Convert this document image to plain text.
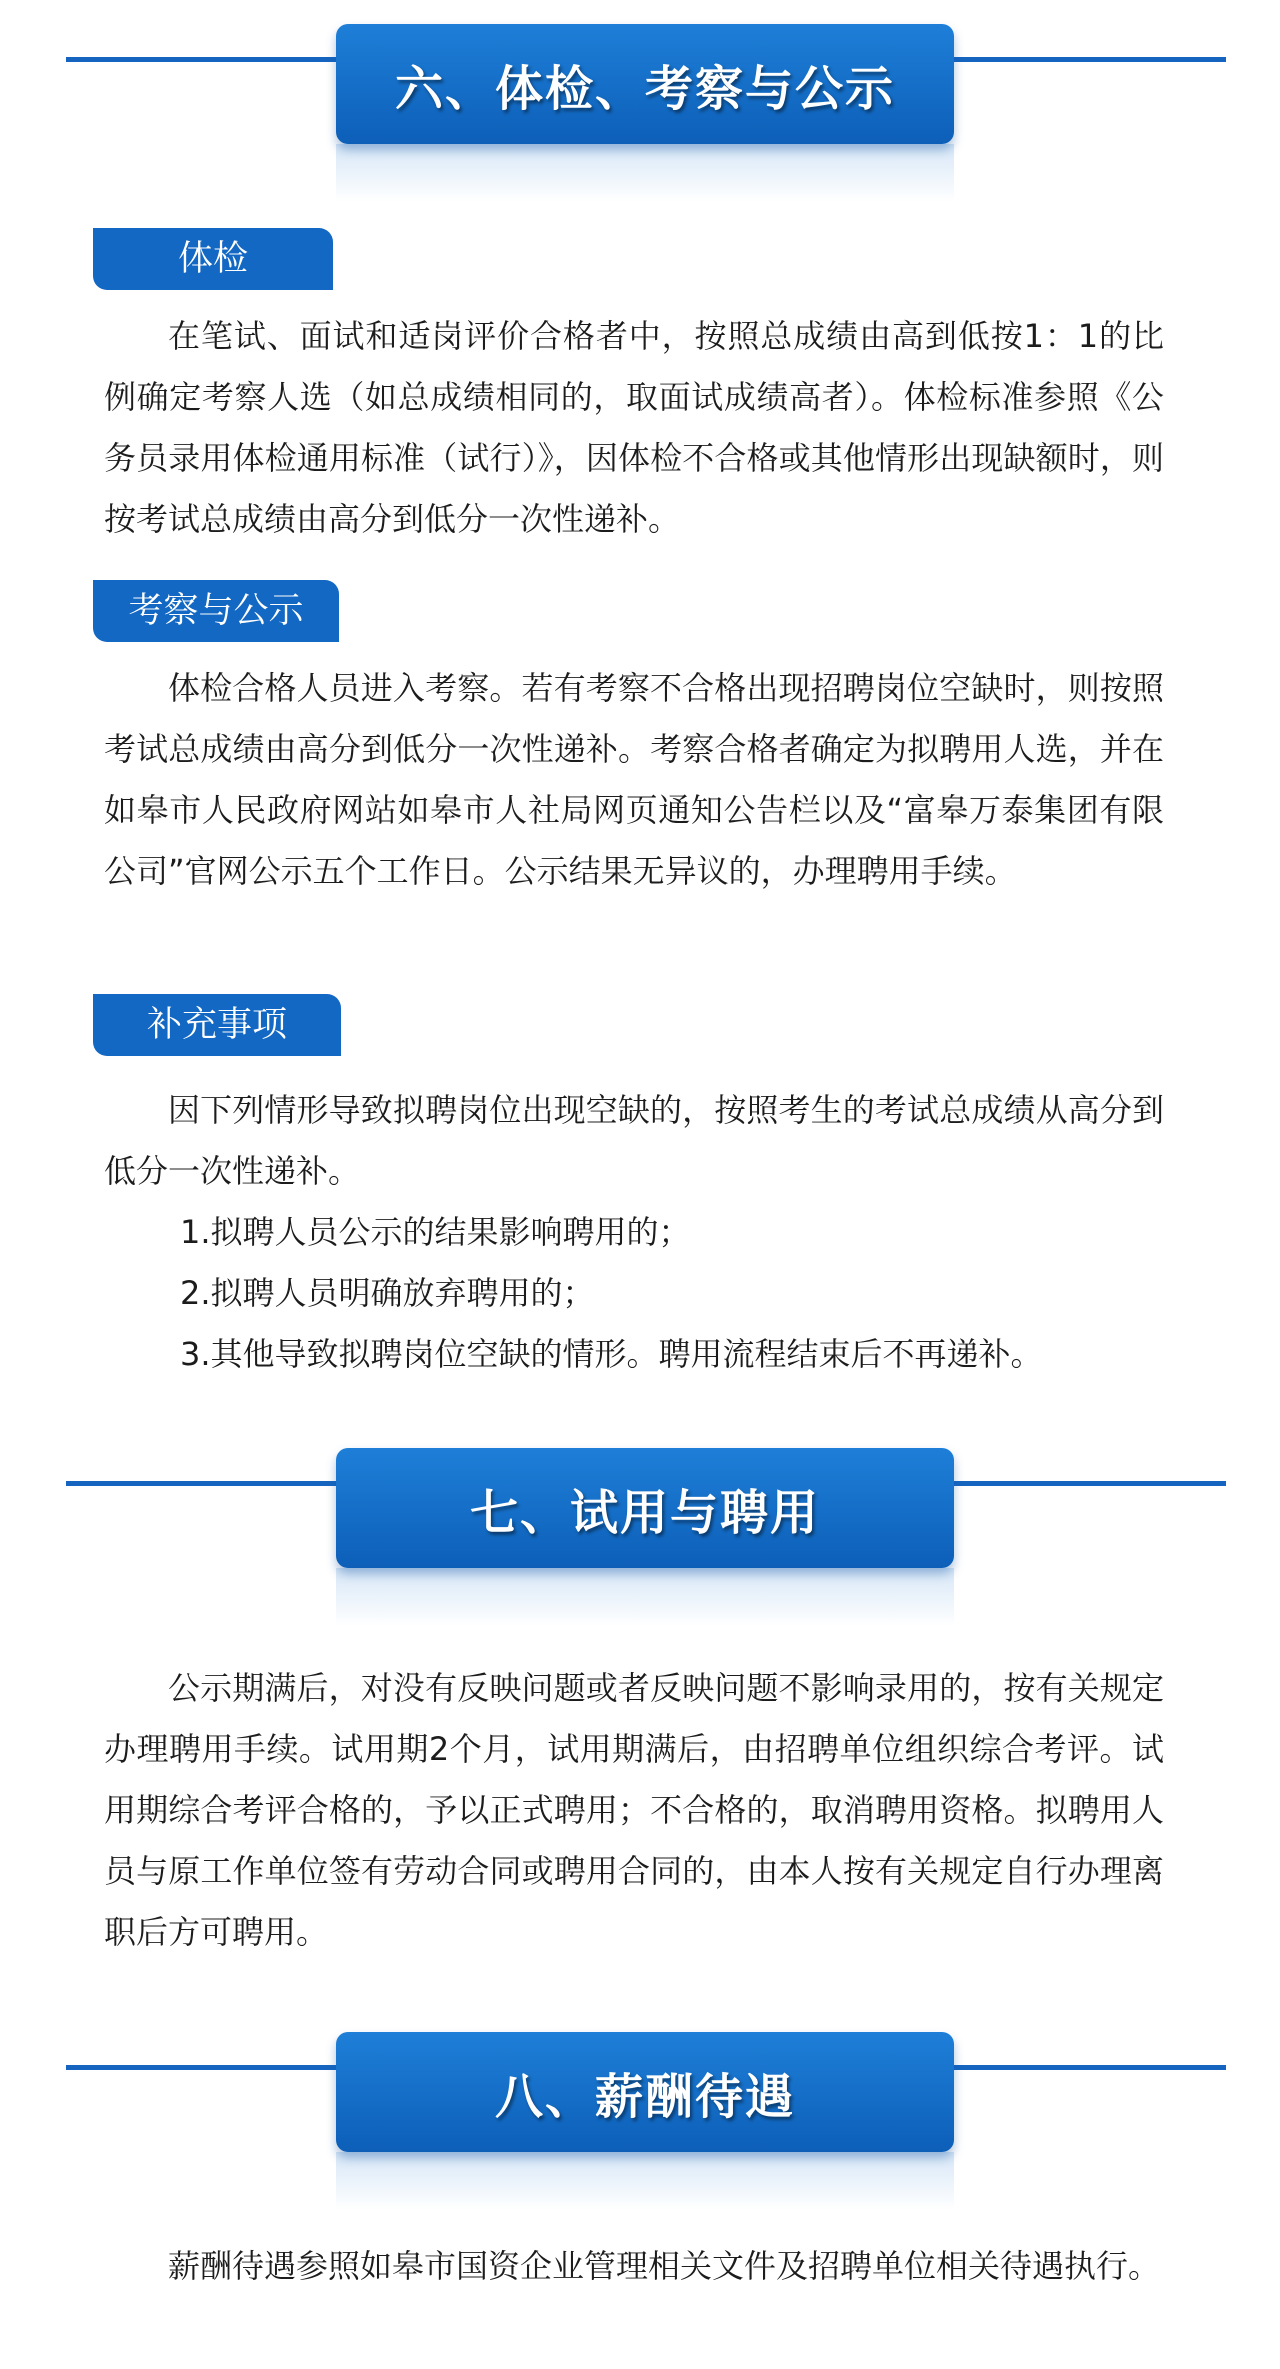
六、体检、考察与公示
体检

在笔试、面试和适岗评价合格者中，按照总成绩由高到低按1：1的比例确定考察人选（如总成绩相同的，取面试成绩高者）。体检标准参照《公务员录用体检通用标准（试行）》，因体检不合格或其他情形出现缺额时，则按考试总成绩由高分到低分一次性递补。

考察与公示

体检合格人员进入考察。若有考察不合格出现招聘岗位空缺时，则按照考试总成绩由高分到低分一次性递补。考察合格者确定为拟聘用人选，并在如皋市人民政府网站如皋市人社局网页通知公告栏以及“富皋万泰集团有限公司”官网公示五个工作日。公示结果无异议的，办理聘用手续。

补充事项

因下列情形导致拟聘岗位出现空缺的，按照考生的考试总成绩从高分到低分一次性递补。

1.拟聘人员公示的结果影响聘用的；
2.拟聘人员明确放弃聘用的；
3.其他导致拟聘岗位空缺的情形。聘用流程结束后不再递补。
七、试用与聘用

公示期满后，对没有反映问题或者反映问题不影响录用的，按有关规定办理聘用手续。试用期2个月，试用期满后，由招聘单位组织综合考评。试用期综合考评合格的，予以正式聘用；不合格的，取消聘用资格。拟聘用人员与原工作单位签有劳动合同或聘用合同的，由本人按有关规定自行办理离职后方可聘用。

八、薪酬待遇

薪酬待遇参照如皋市国资企业管理相关文件及招聘单位相关待遇执行。
